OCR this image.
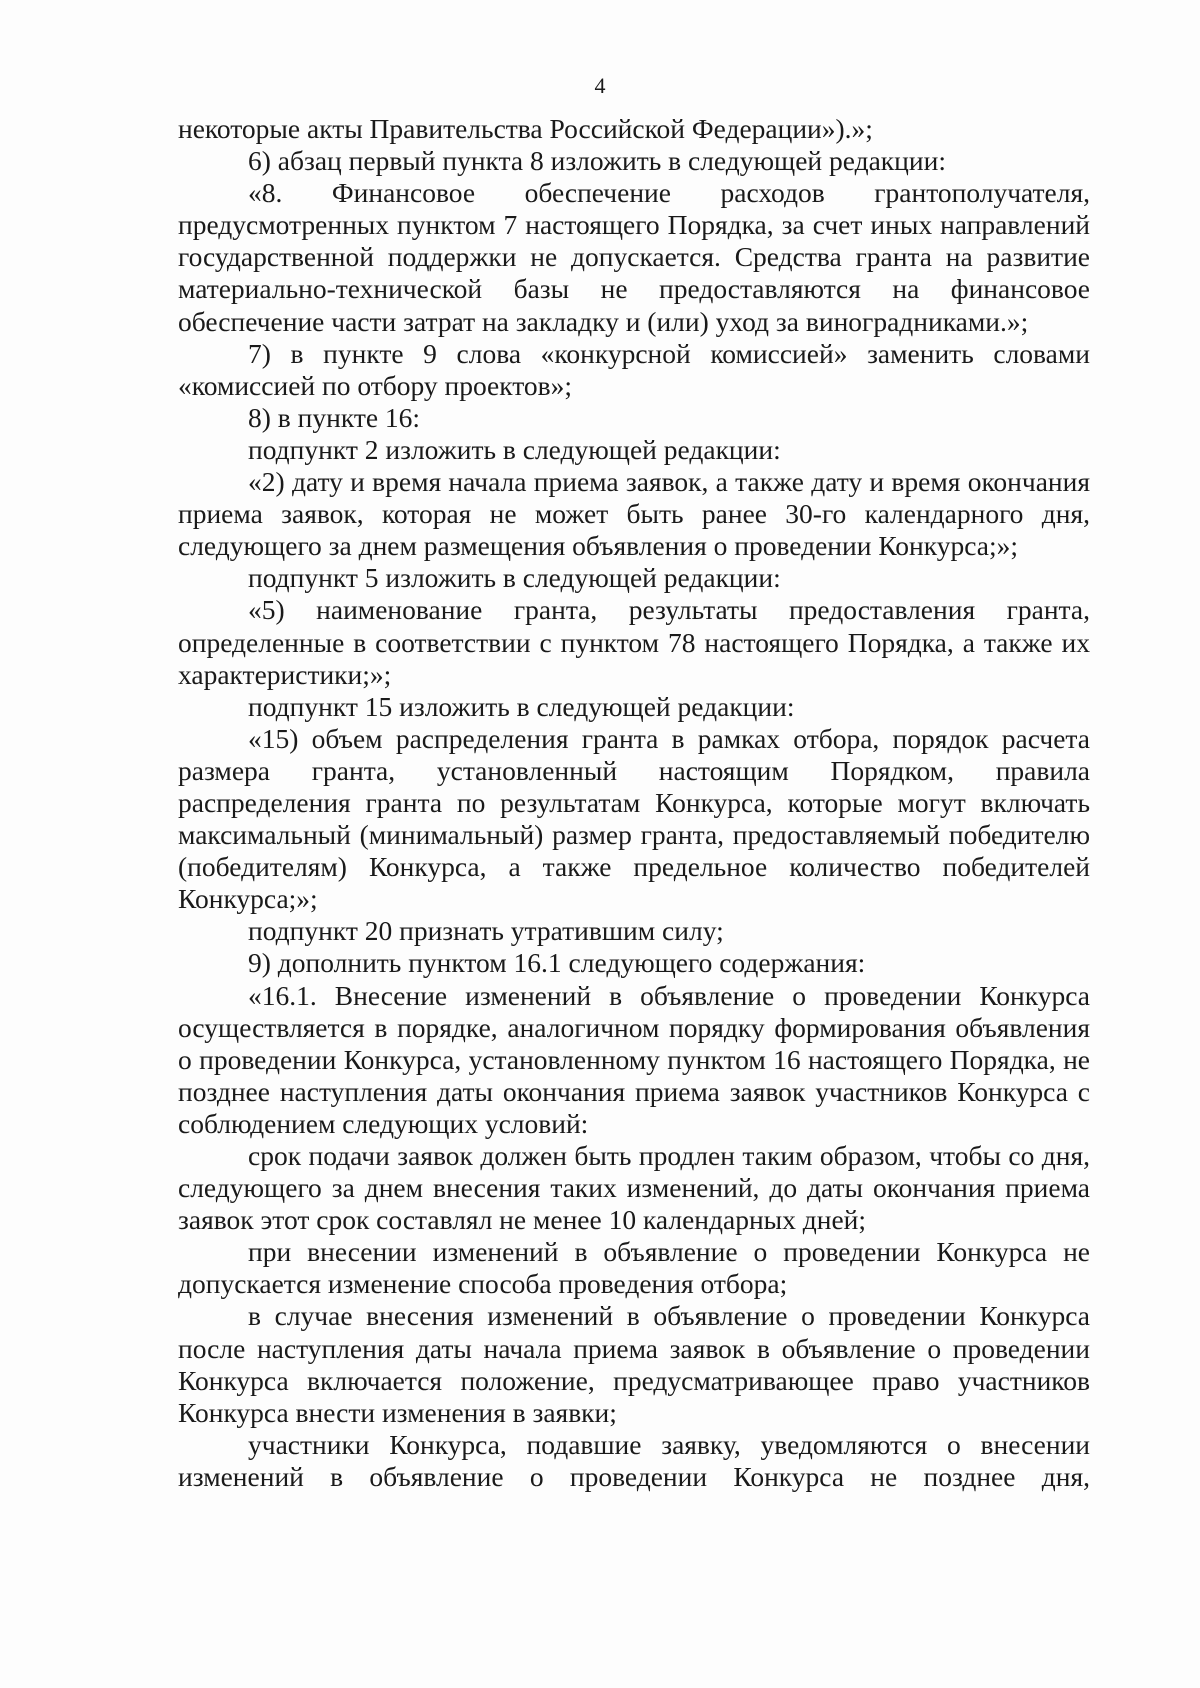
4

некоторые акты Правительства Российской Федерации»).»;

6) абзац первый пункта 8 изложить в следующей редакции:

«8. Финансовое обеспечение расходов грантополучателя, предусмотренных пунктом 7 настоящего Порядка, за счет иных направлений государственной поддержки не допускается. Средства гранта на развитие материально-технической базы не предоставляются на финансовое обеспечение части затрат на закладку и (или) уход за виноградниками.»;

7) в пункте 9 слова «конкурсной комиссией» заменить словами «комиссией по отбору проектов»;

8) в пункте 16:

подпункт 2 изложить в следующей редакции:

«2) дату и время начала приема заявок, а также дату и время окончания приема заявок, которая не может быть ранее 30-го календарного дня, следующего за днем размещения объявления о проведении Конкурса;»;

подпункт 5 изложить в следующей редакции:

«5) наименование гранта, результаты предоставления гранта, определенные в соответствии с пунктом 78 настоящего Порядка, а также их характеристики;»;

подпункт 15 изложить в следующей редакции:

«15) объем распределения гранта в рамках отбора, порядок расчета размера гранта, установленный настоящим Порядком, правила распределения гранта по результатам Конкурса, которые могут включать максимальный (минимальный) размер гранта, предоставляемый победителю (победителям) Конкурса, а также предельное количество победителей Конкурса;»;

подпункт 20 признать утратившим силу;

9) дополнить пунктом 16.1 следующего содержания:

«16.1. Внесение изменений в объявление о проведении Конкурса осуществляется в порядке, аналогичном порядку формирования объявления о проведении Конкурса, установленному пунктом 16 настоящего Порядка, не позднее наступления даты окончания приема заявок участников Конкурса с соблюдением следующих условий:

срок подачи заявок должен быть продлен таким образом, чтобы со дня, следующего за днем внесения таких изменений, до даты окончания приема заявок этот срок составлял не менее 10 календарных дней;

при внесении изменений в объявление о проведении Конкурса не допускается изменение способа проведения отбора;

в случае внесения изменений в объявление о проведении Конкурса после наступления даты начала приема заявок в объявление о проведении Конкурса включается положение, предусматривающее право участников Конкурса внести изменения в заявки;

участники Конкурса, подавшие заявку, уведомляются о внесении изменений в объявление о проведении Конкурса не позднее дня,
